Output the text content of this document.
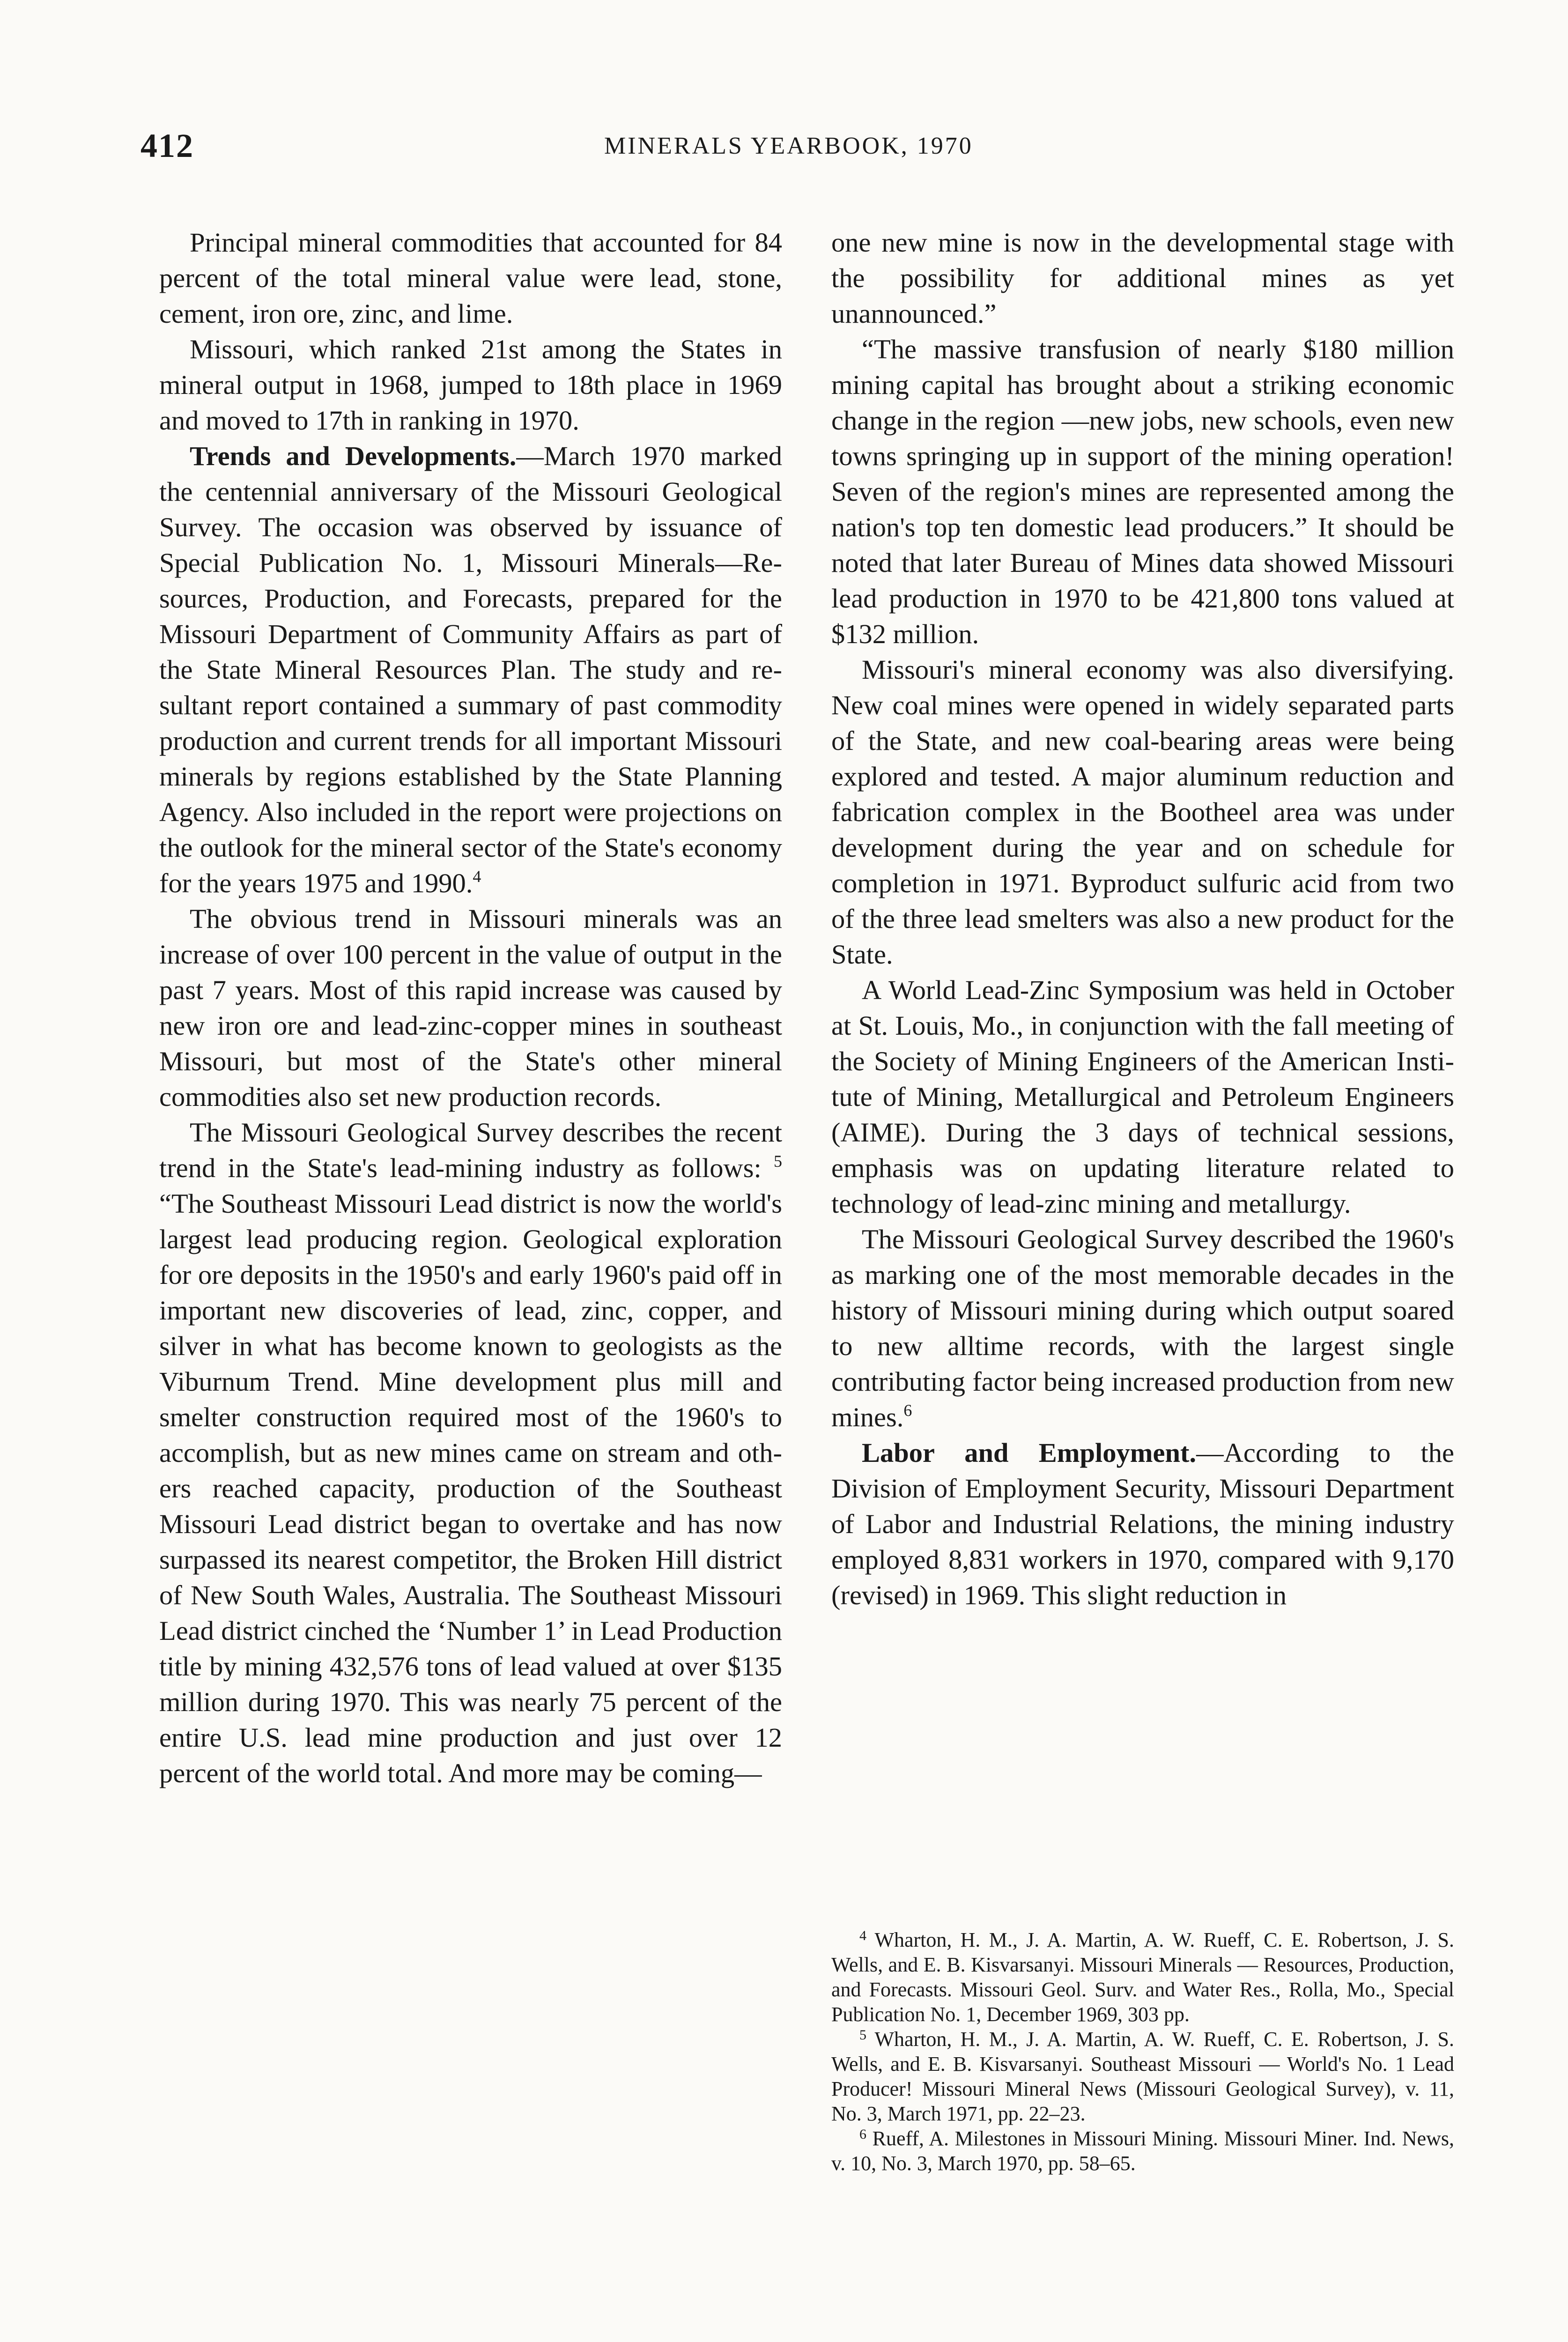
412	MINERALS YEARBOOK, 1970

Principal mineral commodities that accounted for 84 percent of the total mineral value were lead, stone, cement, iron ore, zinc, and lime.

Missouri, which ranked 21st among the States in mineral output in 1968, jumped to 18th place in 1969 and moved to 17th in ranking in 1970.

Trends and Developments.—March 1970 marked the centennial anniversary of the Missouri Geological Survey. The occasion was observed by issuance of Special Publication No. 1, Missouri Minerals—Resources, Production, and Forecasts, prepared for the Missouri Department of Community Affairs as part of the State Mineral Resources Plan. The study and resultant report contained a summary of past commodity production and current trends for all important Missouri minerals by regions established by the State Planning Agency. Also included in the report were projections on the outlook for the mineral sector of the State's economy for the years 1975 and 1990.$^4$

The obvious trend in Missouri minerals was an increase of over 100 percent in the value of output in the past 7 years. Most of this rapid increase was caused by new iron ore and lead-zinc-copper mines in southeast Missouri, but most of the State's other mineral commodities also set new production records.

The Missouri Geological Survey describes the recent trend in the State's lead-mining industry as follows: $^5$ “The Southeast Missouri Lead district is now the world's largest lead producing region. Geological exploration for ore deposits in the 1950's and early 1960's paid off in important new discoveries of lead, zinc, copper, and silver in what has become known to geologists as the Viburnum Trend. Mine development plus mill and smelter construction required most of the 1960's to accomplish, but as new mines came on stream and others reached capacity, production of the Southeast Missouri Lead district began to overtake and has now surpassed its nearest competitor, the Broken Hill district of New South Wales, Australia. The Southeast Missouri Lead district cinched the ‘Number 1’ in Lead Production title by mining 432,576 tons of lead valued at over $135 million during 1970. This was nearly 75 percent of the entire U.S. lead mine production and just over 12 percent of the world total. And more may be coming—

one new mine is now in the developmental stage with the possibility for additional mines as yet unannounced.”

“The massive transfusion of nearly $180 million mining capital has brought about a striking economic change in the region —new jobs, new schools, even new towns springing up in support of the mining operation! Seven of the region's mines are represented among the nation's top ten domestic lead producers.” It should be noted that later Bureau of Mines data showed Missouri lead production in 1970 to be 421,800 tons valued at $132 million.

Missouri's mineral economy was also diversifying. New coal mines were opened in widely separated parts of the State, and new coal-bearing areas were being explored and tested. A major aluminum reduction and fabrication complex in the Bootheel area was under development during the year and on schedule for completion in 1971. Byproduct sulfuric acid from two of the three lead smelters was also a new product for the State.

A World Lead-Zinc Symposium was held in October at St. Louis, Mo., in conjunction with the fall meeting of the Society of Mining Engineers of the American Institute of Mining, Metallurgical and Petroleum Engineers (AIME). During the 3 days of technical sessions, emphasis was on updating literature related to technology of lead-zinc mining and metallurgy.

The Missouri Geological Survey described the 1960's as marking one of the most memorable decades in the history of Missouri mining during which output soared to new alltime records, with the largest single contributing factor being increased production from new mines.$^6$

Labor and Employment.—According to the Division of Employment Security, Missouri Department of Labor and Industrial Relations, the mining industry employed 8,831 workers in 1970, compared with 9,170 (revised) in 1969. This slight reduction in

$^4$ Wharton, H. M., J. A. Martin, A. W. Rueff, C. E. Robertson, J. S. Wells, and E. B. Kisvarsanyi. Missouri Minerals — Resources, Production, and Forecasts. Missouri Geol. Surv. and Water Res., Rolla, Mo., Special Publication No. 1, December 1969, 303 pp.

$^5$ Wharton, H. M., J. A. Martin, A. W. Rueff, C. E. Robertson, J. S. Wells, and E. B. Kisvarsanyi. Southeast Missouri — World's No. 1 Lead Producer! Missouri Mineral News (Missouri Geological Survey), v. 11, No. 3, March 1971, pp. 22–23.

$^6$ Rueff, A. Milestones in Missouri Mining. Missouri Miner. Ind. News, v. 10, No. 3, March 1970, pp. 58–65.
